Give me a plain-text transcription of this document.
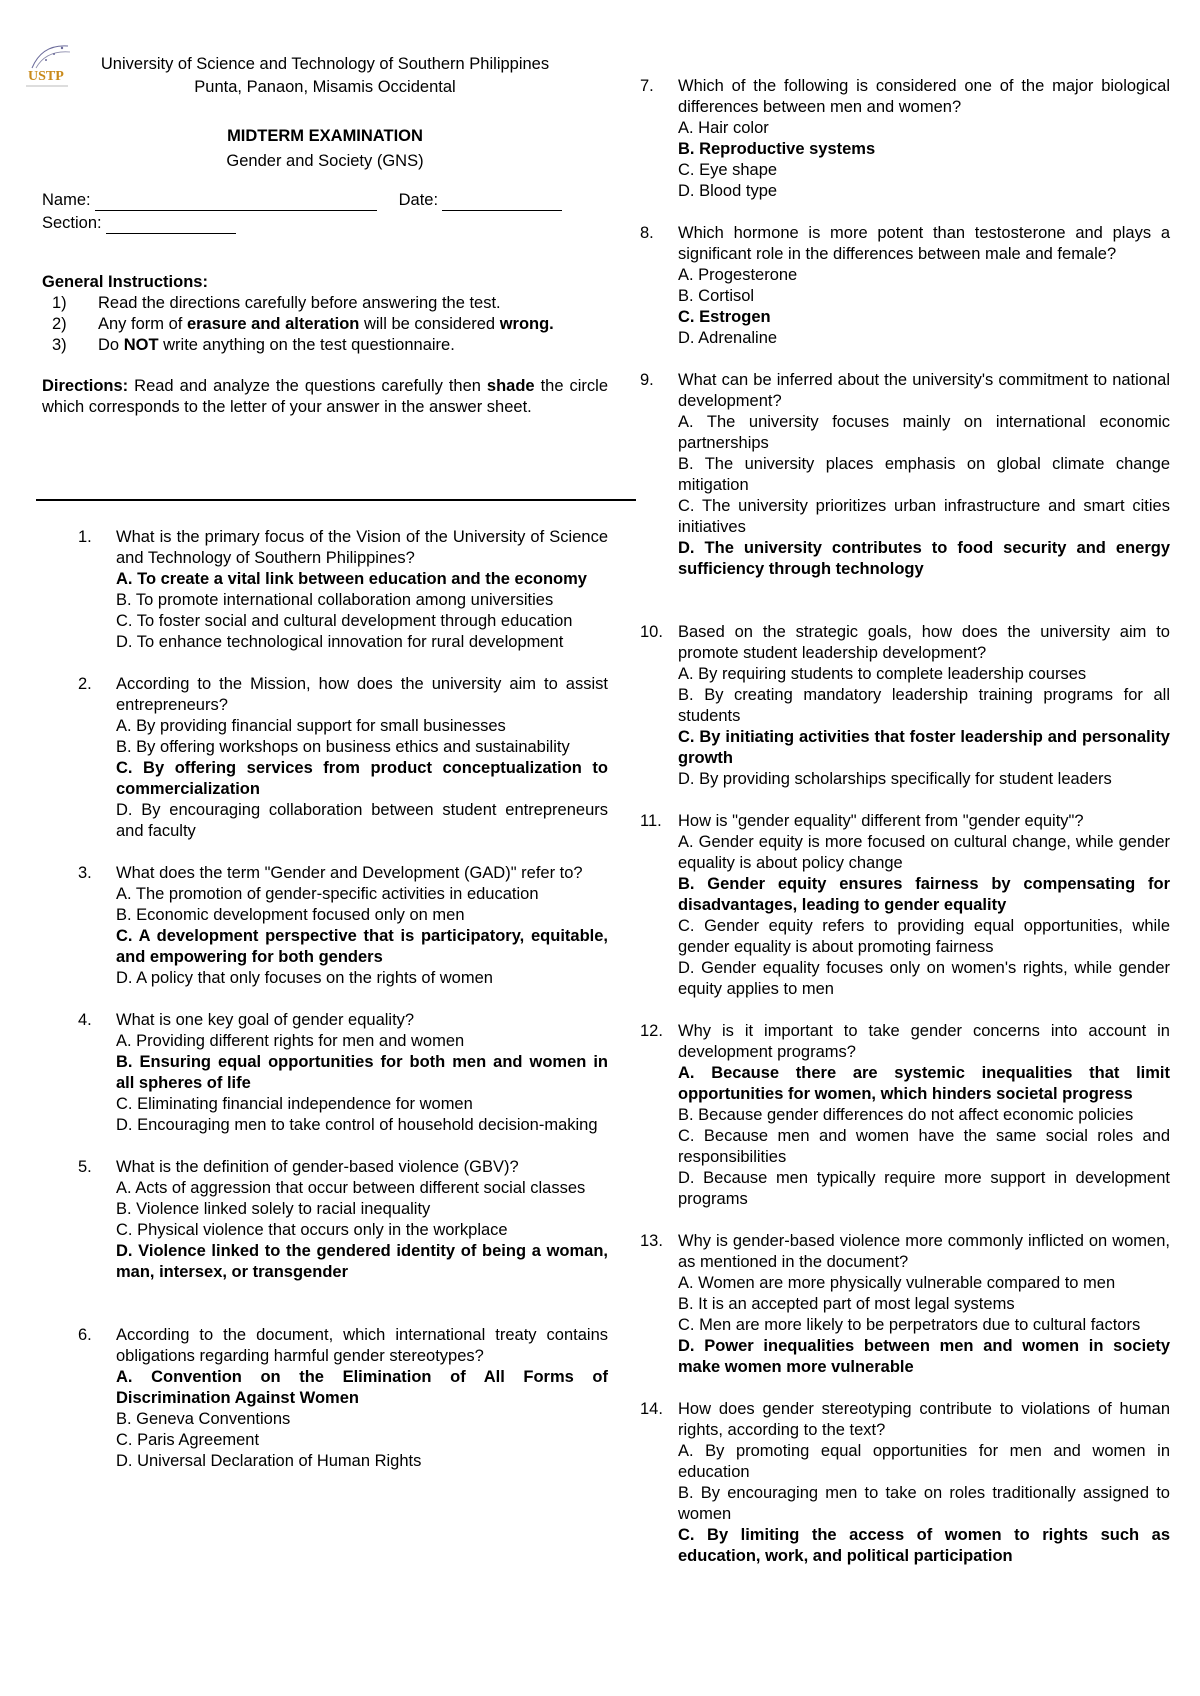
USTP
University of Science and Technology of Southern Philippines
Punta, Panaon, Misamis Occidental
MIDTERM EXAMINATION
Gender and Society (GNS)
Name:	Date:
Section:
General Instructions:
1)	Read the directions carefully before answering the test.
2)	Any form of erasure and alteration will be considered wrong.
3)	Do NOT write anything on the test questionnaire.
Directions: Read and analyze the questions carefully then shade the circle which corresponds to the letter of your answer in the answer sheet.
1.	What is the primary focus of the Vision of the University of Science and Technology of Southern Philippines?
A. To create a vital link between education and the economy
B. To promote international collaboration among universities
C. To foster social and cultural development through education
D. To enhance technological innovation for rural development
2.	According to the Mission, how does the university aim to assist entrepreneurs?
A. By providing financial support for small businesses
B. By offering workshops on business ethics and sustainability
C. By offering services from product conceptualization to commercialization
D. By encouraging collaboration between student entrepreneurs and faculty
3.	What does the term "Gender and Development (GAD)" refer to?
A. The promotion of gender-specific activities in education
B. Economic development focused only on men
C. A development perspective that is participatory, equitable, and empowering for both genders
D. A policy that only focuses on the rights of women
4.	What is one key goal of gender equality?
A. Providing different rights for men and women
B. Ensuring equal opportunities for both men and women in all spheres of life
C. Eliminating financial independence for women
D. Encouraging men to take control of household decision-making
5.	What is the definition of gender-based violence (GBV)?
A. Acts of aggression that occur between different social classes
B. Violence linked solely to racial inequality
C. Physical violence that occurs only in the workplace
D. Violence linked to the gendered identity of being a woman, man, intersex, or transgender
6.	According to the document, which international treaty contains obligations regarding harmful gender stereotypes?
A. Convention on the Elimination of All Forms of Discrimination Against Women
B. Geneva Conventions
C. Paris Agreement
D. Universal Declaration of Human Rights
7.	Which of the following is considered one of the major biological differences between men and women?
A. Hair color
B. Reproductive systems
C. Eye shape
D. Blood type
8.	Which hormone is more potent than testosterone and plays a significant role in the differences between male and female?
A. Progesterone
B. Cortisol
C. Estrogen
D. Adrenaline
9.	What can be inferred about the university's commitment to national development?
A. The university focuses mainly on international economic partnerships
B. The university places emphasis on global climate change mitigation
C. The university prioritizes urban infrastructure and smart cities initiatives
D. The university contributes to food security and energy sufficiency through technology
10. Based on the strategic goals, how does the university aim to promote student leadership development?
A. By requiring students to complete leadership courses
B. By creating mandatory leadership training programs for all students
C. By initiating activities that foster leadership and personality growth
D. By providing scholarships specifically for student leaders
11. How is "gender equality" different from "gender equity"?
A. Gender equity is more focused on cultural change, while gender equality is about policy change
B. Gender equity ensures fairness by compensating for disadvantages, leading to gender equality
C. Gender equity refers to providing equal opportunities, while gender equality is about promoting fairness
D. Gender equality focuses only on women's rights, while gender equity applies to men
12. Why is it important to take gender concerns into account in development programs?
A. Because there are systemic inequalities that limit opportunities for women, which hinders societal progress
B. Because gender differences do not affect economic policies
C. Because men and women have the same social roles and responsibilities
D. Because men typically require more support in development programs
13. Why is gender-based violence more commonly inflicted on women, as mentioned in the document?
A. Women are more physically vulnerable compared to men
B. It is an accepted part of most legal systems
C. Men are more likely to be perpetrators due to cultural factors
D. Power inequalities between men and women in society make women more vulnerable
14. How does gender stereotyping contribute to violations of human rights, according to the text?
A. By promoting equal opportunities for men and women in education
B. By encouraging men to take on roles traditionally assigned to women
C. By limiting the access of women to rights such as education, work, and political participation
